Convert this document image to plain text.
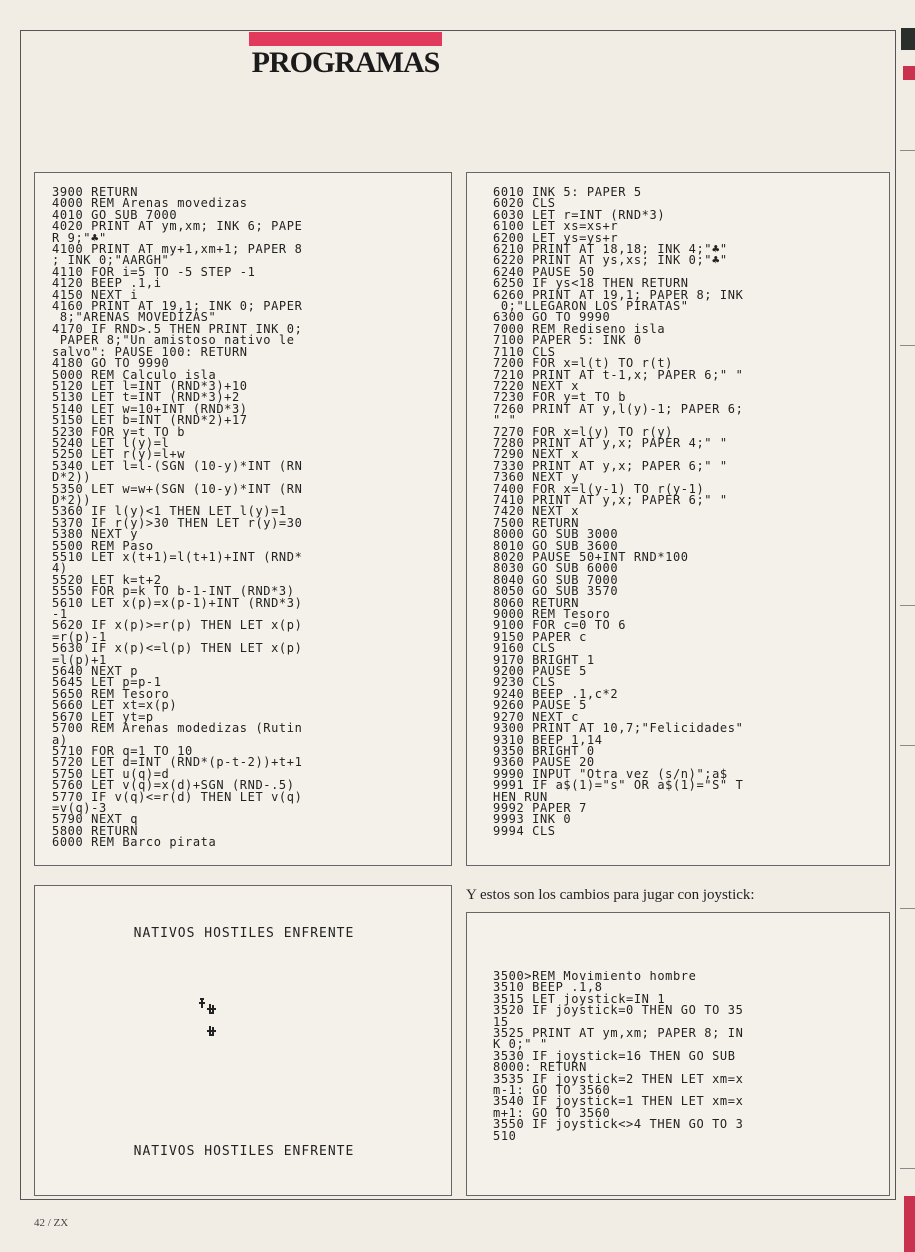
PROGRAMAS
3900 RETURN
4000 REM Arenas movedizas
4010 GO SUB 7000
4020 PRINT AT ym,xm; INK 6; PAPE
R 9;"♣"
4100 PRINT AT my+1,xm+1; PAPER 8
; INK 0;"AARGH"
4110 FOR i=5 TO -5 STEP -1
4120 BEEP .1,i
4150 NEXT i
4160 PRINT AT 19,1; INK 0; PAPER
8;"ARENAS MOVEDIZAS"
4170 IF RND>.5 THEN PRINT INK 0;
PAPER 8;"Un amistoso nativo le
salvo": PAUSE 100: RETURN
4180 GO TO 9990
5000 REM Calculo isla
5120 LET l=INT (RND*3)+10
5130 LET t=INT (RND*3)+2
5140 LET w=10+INT (RND*3)
5150 LET b=INT (RND*2)+17
5230 FOR y=t TO b
5240 LET l(y)=l
5250 LET r(y)=l+w
5340 LET l=l-(SGN (10-y)*INT (RN
D*2))
5350 LET w=w+(SGN (10-y)*INT (RN
D*2))
5360 IF l(y)<1 THEN LET l(y)=1
5370 IF r(y)>30 THEN LET r(y)=30
5380 NEXT y
5500 REM Paso
5510 LET x(t+1)=l(t+1)+INT (RND*
4)
5520 LET k=t+2
5550 FOR p=k TO b-1-INT (RND*3)
5610 LET x(p)=x(p-1)+INT (RND*3)
-1
5620 IF x(p)>=r(p) THEN LET x(p)
=r(p)-1
5630 IF x(p)<=l(p) THEN LET x(p)
=l(p)+1
5640 NEXT p
5645 LET p=p-1
5650 REM Tesoro
5660 LET xt=x(p)
5670 LET yt=p
5700 REM Arenas modedizas (Rutin
a)
5710 FOR q=1 TO 10
5720 LET d=INT (RND*(p-t-2))+t+1
5750 LET u(q)=d
5760 LET v(q)=x(d)+SGN (RND-.5)
5770 IF v(q)<=r(d) THEN LET v(q)
=v(q)-3
5790 NEXT q
5800 RETURN
6000 REM Barco pirata
6010 INK 5: PAPER 5
6020 CLS
6030 LET r=INT (RND*3)
6100 LET xs=xs+r
6200 LET ys=ys+r
6210 PRINT AT 18,18; INK 4;"♣"
6220 PRINT AT ys,xs; INK 0;"♣"
6240 PAUSE 50
6250 IF ys<18 THEN RETURN
6260 PRINT AT 19,1; PAPER 8; INK
0;"LLEGARON LOS PIRATAS"
6300 GO TO 9990
7000 REM Rediseno isla
7100 PAPER 5: INK 0
7110 CLS
7200 FOR x=l(t) TO r(t)
7210 PRINT AT t-1,x; PAPER 6;" "
7220 NEXT x
7230 FOR y=t TO b
7260 PRINT AT y,l(y)-1; PAPER 6;
" "
7270 FOR x=l(y) TO r(y)
7280 PRINT AT y,x; PAPER 4;" "
7290 NEXT x
7330 PRINT AT y,x; PAPER 6;" "
7360 NEXT y
7400 FOR x=l(y-1) TO r(y-1)
7410 PRINT AT y,x; PAPER 6;" "
7420 NEXT x
7500 RETURN
8000 GO SUB 3000
8010 GO SUB 3600
8020 PAUSE 50+INT RND*100
8030 GO SUB 6000
8040 GO SUB 7000
8050 GO SUB 3570
8060 RETURN
9000 REM Tesoro
9100 FOR c=0 TO 6
9150 PAPER c
9160 CLS
9170 BRIGHT 1
9200 PAUSE 5
9230 CLS
9240 BEEP .1,c*2
9260 PAUSE 5
9270 NEXT c
9300 PRINT AT 10,7;"Felicidades"
9310 BEEP 1,14
9350 BRIGHT 0
9360 PAUSE 20
9990 INPUT "Otra vez (s/n)";a$
9991 IF a$(1)="s" OR a$(1)="S" T
HEN RUN
9992 PAPER 7
9993 INK 0
9994 CLS
NATIVOS HOSTILES ENFRENTE
NATIVOS HOSTILES ENFRENTE
Y estos son los cambios para jugar con joystick:
3500>REM Movimiento hombre
3510 BEEP .1,8
3515 LET joystick=IN 1
3520 IF joystick=0 THEN GO TO 35
15
3525 PRINT AT ym,xm; PAPER 8; IN
K 0;" "
3530 IF joystick=16 THEN GO SUB
8000: RETURN
3535 IF joystick=2 THEN LET xm=x
m-1: GO TO 3560
3540 IF joystick=1 THEN LET xm=x
m+1: GO TO 3560
3550 IF joystick<>4 THEN GO TO 3
510
42 / ZX
